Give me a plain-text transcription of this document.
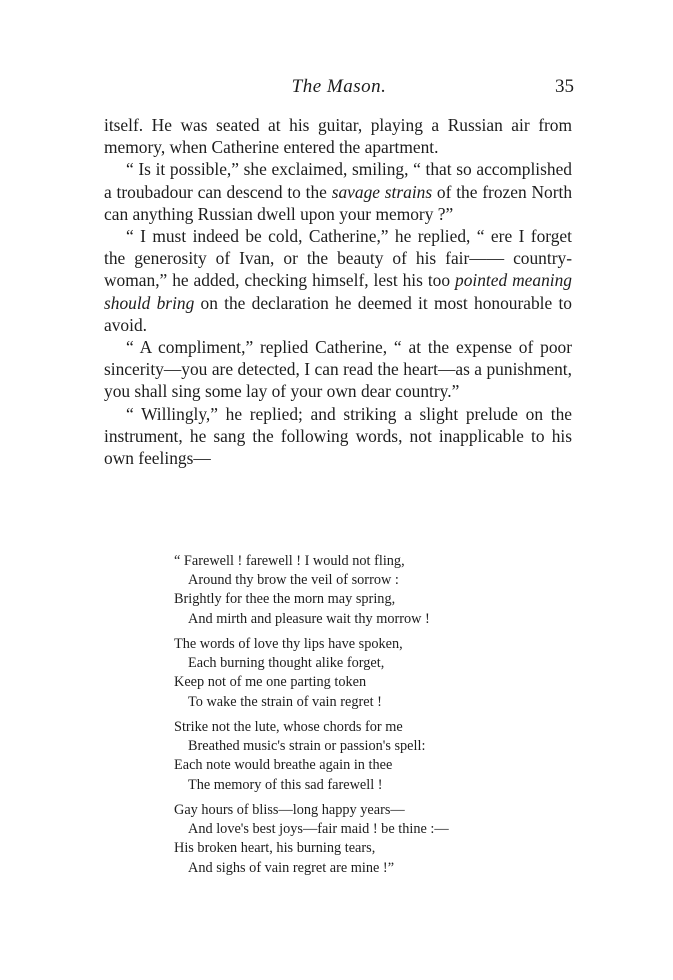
The Mason.	35

itself. He was seated at his guitar, playing a Russian air from memory, when Catherine entered the apartment.

“ Is it possible,” she exclaimed, smiling, “ that so accomplished a troubadour can descend to the savage strains of the frozen North can anything Russian dwell upon your memory ?”

“ I must indeed be cold, Catherine,” he replied, “ ere I forget the generosity of Ivan, or the beauty of his fair—— country-woman,” he added, checking himself, lest his too pointed meaning should bring on the declaration he deemed it most honourable to avoid.

“ A compliment,” replied Catherine, “ at the expense of poor sincerity—you are detected, I can read the heart—as a punishment, you shall sing some lay of your own dear country.”

“ Willingly,” he replied; and striking a slight prelude on the instrument, he sang the following words, not inapplicable to his own feelings—

“ Farewell ! farewell ! I would not fling,
Around thy brow the veil of sorrow :
Brightly for thee the morn may spring,
And mirth and pleasure wait thy morrow !
The words of love thy lips have spoken,
Each burning thought alike forget,
Keep not of me one parting token
To wake the strain of vain regret !
Strike not the lute, whose chords for me
Breathed music's strain or passion's spell:
Each note would breathe again in thee
The memory of this sad farewell !
Gay hours of bliss—long happy years—
And love's best joys—fair maid ! be thine :—
His broken heart, his burning tears,
And sighs of vain regret are mine !”
